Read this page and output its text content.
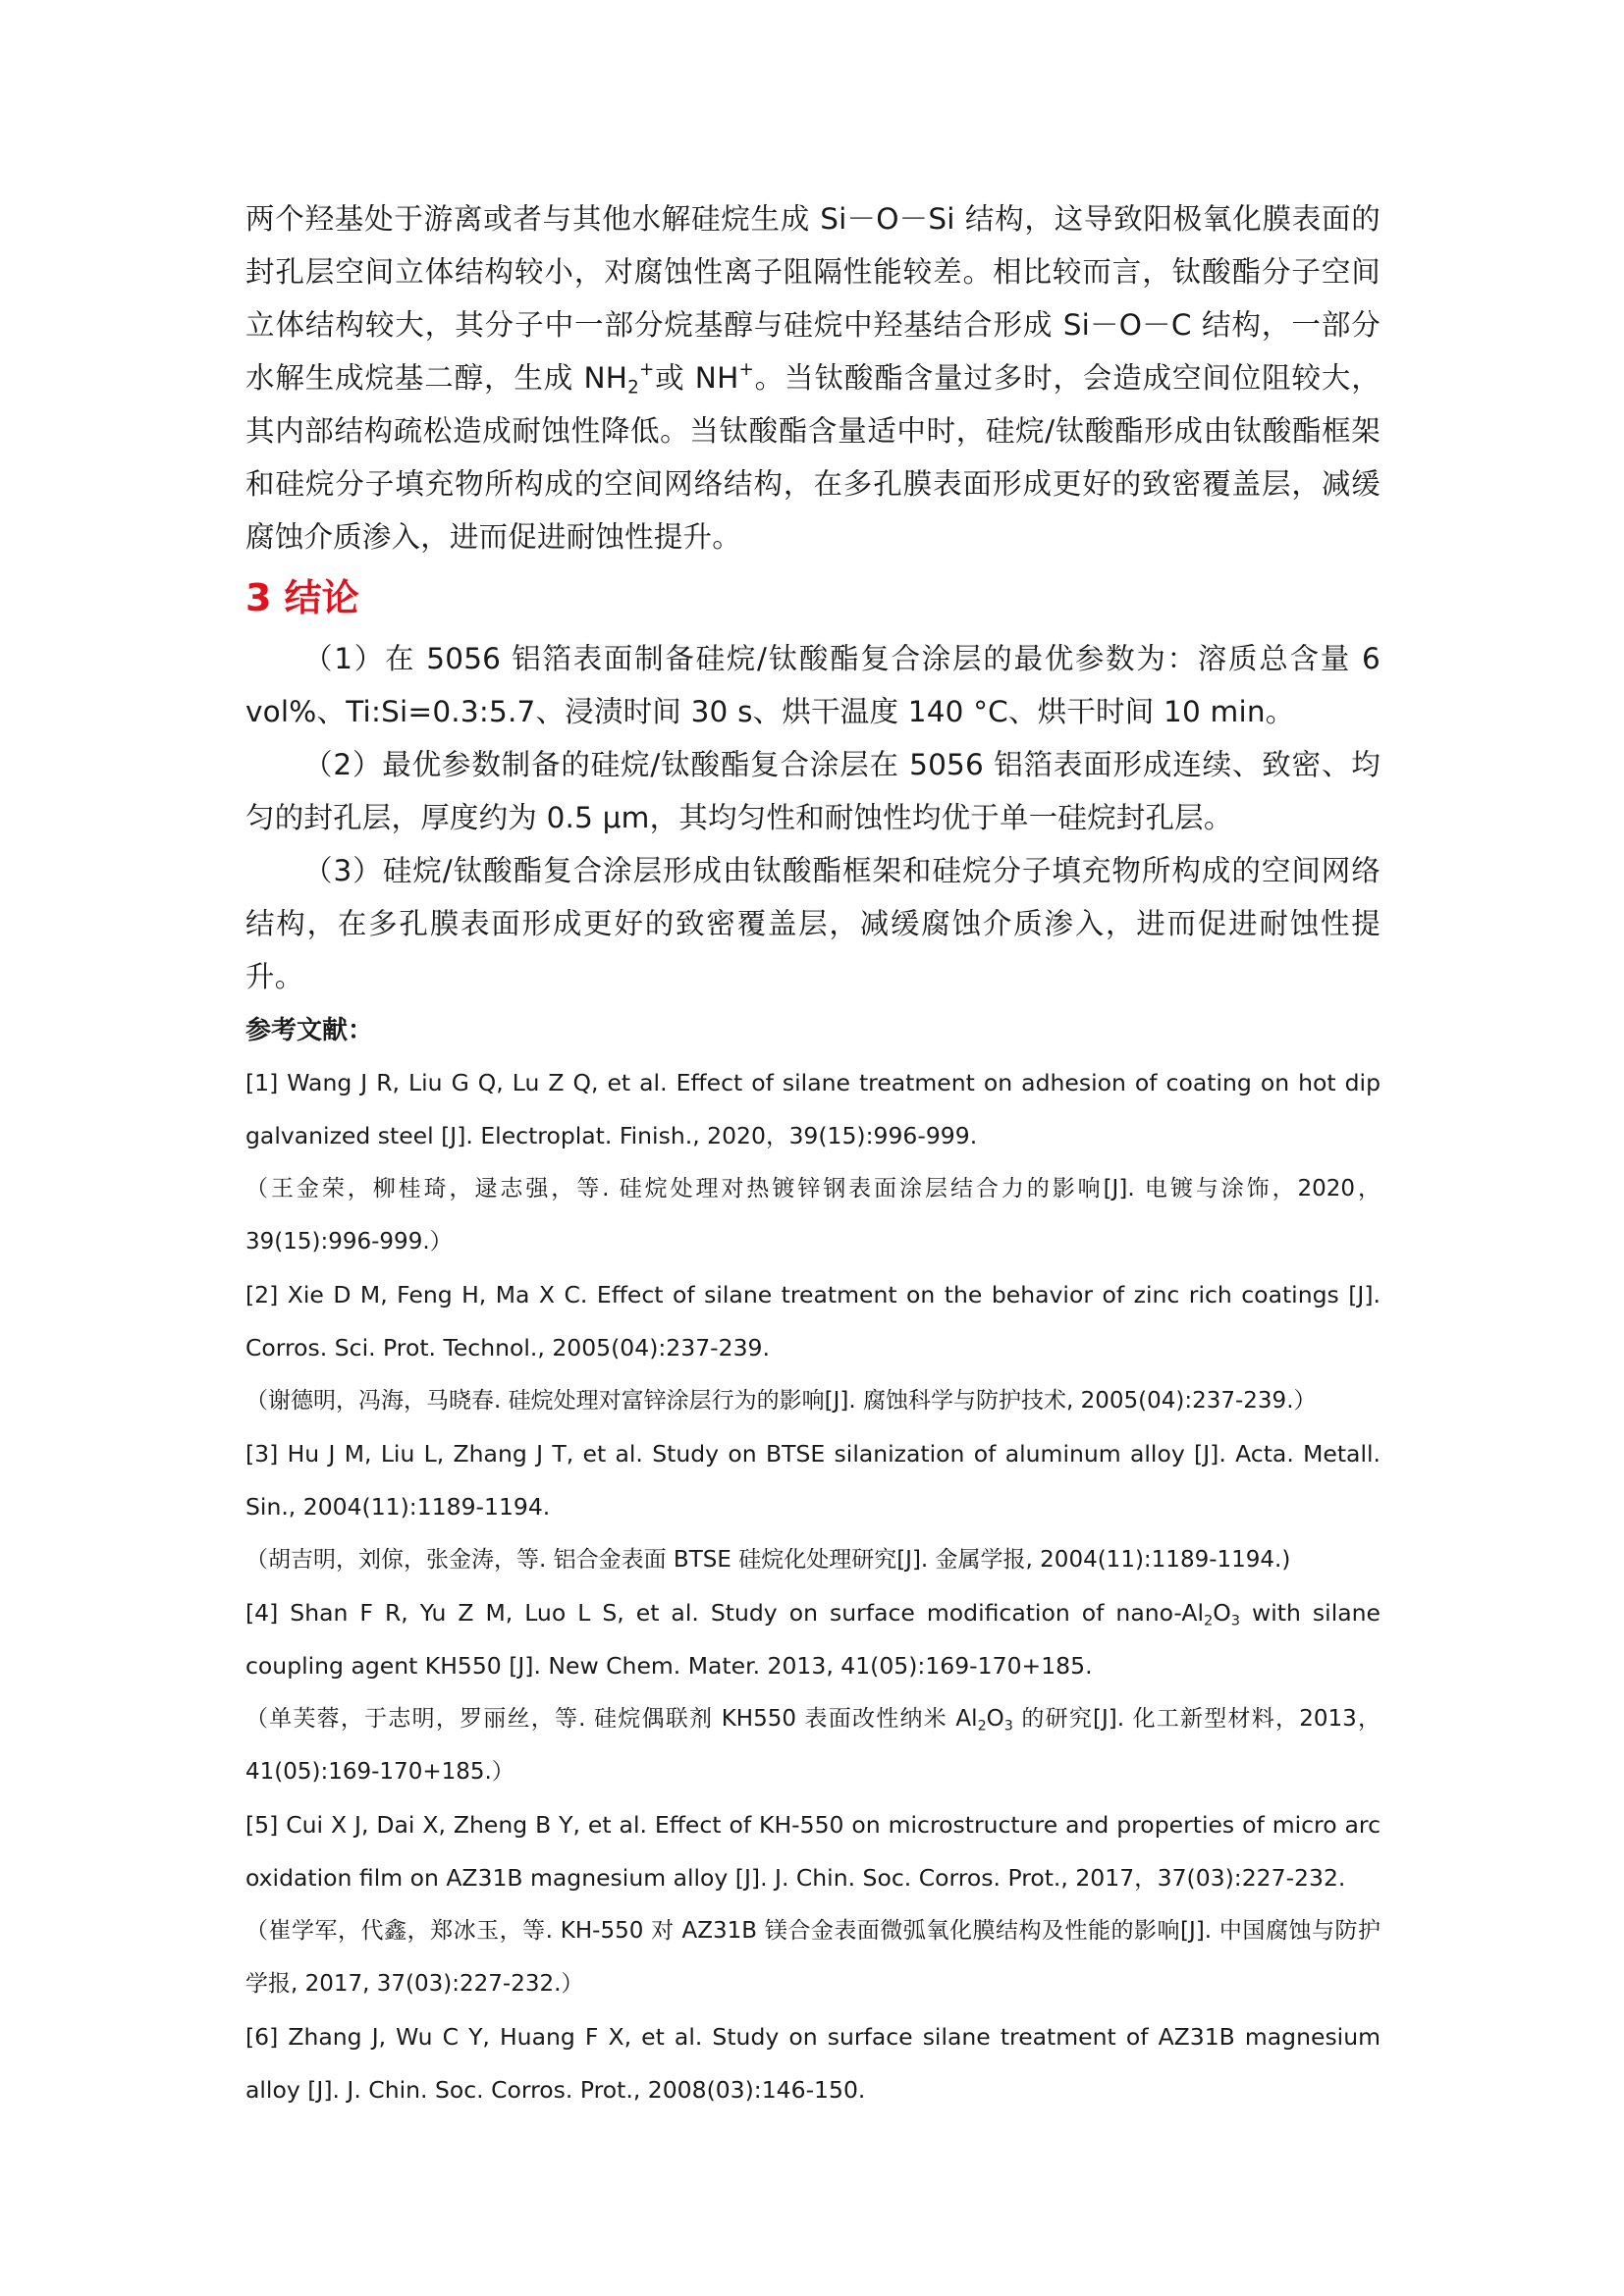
两个羟基处于游离或者与其他水解硅烷生成 Si－O－Si 结构，这导致阳极氧化膜表面的封孔层空间立体结构较小，对腐蚀性离子阻隔性能较差。相比较而言，钛酸酯分子空间立体结构较大，其分子中一部分烷基醇与硅烷中羟基结合形成 Si－O－C 结构，一部分水解生成烷基二醇，生成 $NH_2^+$或 NH+。当钛酸酯含量过多时，会造成空间位阻较大，其内部结构疏松造成耐蚀性降低。当钛酸酯含量适中时，硅烷/钛酸酯形成由钛酸酯框架和硅烷分子填充物所构成的空间网络结构，在多孔膜表面形成更好的致密覆盖层，减缓腐蚀介质渗入，进而促进耐蚀性提升。

3 结论

（1）在 5056 铝箔表面制备硅烷/钛酸酯复合涂层的最优参数为：溶质总含量 6 vol%、Ti:Si=0.3:5.7、浸渍时间 30 s、烘干温度 140 °C、烘干时间 10 min。

（2）最优参数制备的硅烷/钛酸酯复合涂层在 5056 铝箔表面形成连续、致密、均匀的封孔层，厚度约为 0.5 μm，其均匀性和耐蚀性均优于单一硅烷封孔层。

（3）硅烷/钛酸酯复合涂层形成由钛酸酯框架和硅烷分子填充物所构成的空间网络结构，在多孔膜表面形成更好的致密覆盖层，减缓腐蚀介质渗入，进而促进耐蚀性提升。

参考文献：

[1] Wang J R, Liu G Q, Lu Z Q, et al. Effect of silane treatment on adhesion of coating on hot dip galvanized steel [J]. Electroplat. Finish., 2020，39(15):996-999.

（王金荣，柳桂琦，逯志强，等. 硅烷处理对热镀锌钢表面涂层结合力的影响[J]. 电镀与涂饰，2020，39(15):996-999.）

[2] Xie D M, Feng H, Ma X C. Effect of silane treatment on the behavior of zinc rich coatings [J]. Corros. Sci. Prot. Technol., 2005(04):237-239.

（谢德明，冯海，马晓春. 硅烷处理对富锌涂层行为的影响[J]. 腐蚀科学与防护技术, 2005(04):237-239.）

[3] Hu J M, Liu L, Zhang J T, et al. Study on BTSE silanization of aluminum alloy [J]. Acta. Metall. Sin., 2004(11):1189-1194.

（胡吉明，刘倞，张金涛，等. 铝合金表面 BTSE 硅烷化处理研究[J]. 金属学报, 2004(11):1189-1194.)

[4] Shan F R, Yu Z M, Luo L S, et al. Study on surface modification of nano-$Al_2O_3$ with silane coupling agent KH550 [J]. New Chem. Mater. 2013, 41(05):169-170+185.

（单芙蓉，于志明，罗丽丝，等. 硅烷偶联剂 KH550 表面改性纳米 $Al_2O_3$ 的研究[J]. 化工新型材料，2013，41(05):169-170+185.）

[5] Cui X J, Dai X, Zheng B Y, et al. Effect of KH-550 on microstructure and properties of micro arc oxidation film on AZ31B magnesium alloy [J]. J. Chin. Soc. Corros. Prot., 2017，37(03):227-232.

（崔学军，代鑫，郑冰玉，等. KH-550 对 AZ31B 镁合金表面微弧氧化膜结构及性能的影响[J]. 中国腐蚀与防护学报, 2017, 37(03):227-232.）

[6] Zhang J, Wu C Y, Huang F X, et al. Study on surface silane treatment of AZ31B magnesium alloy [J]. J. Chin. Soc. Corros. Prot., 2008(03):146-150.
